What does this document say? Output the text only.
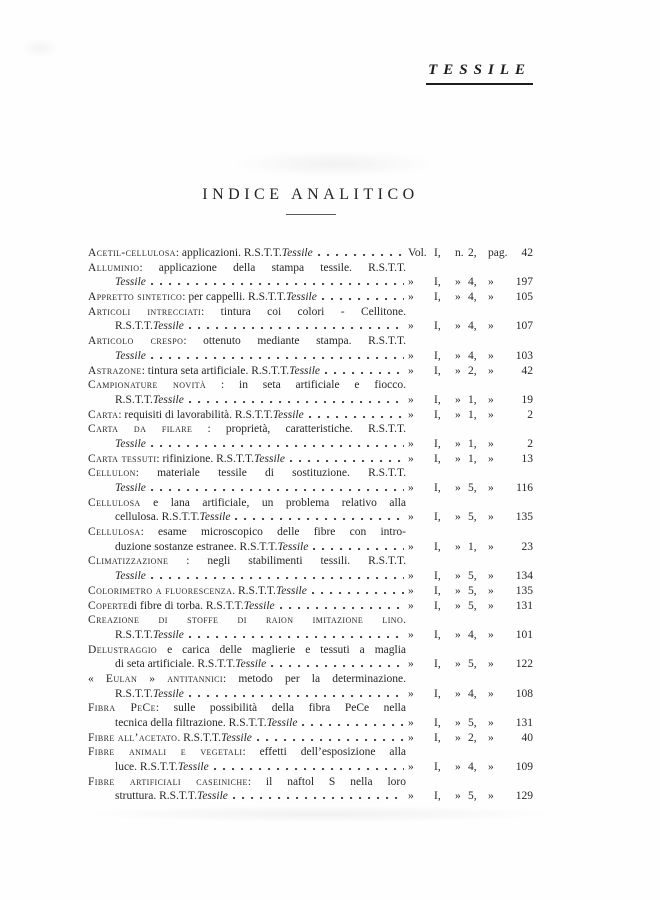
TESSILE
INDICE ANALITICO
Acetil-cellulosa : applicazioni. R.S.T.T. Tessile	Vol. I,	n. 2, pag.	42
Alluminio: applicazione della stampa tessile. R.S.T.T.
Tessile	»	I,	» 4, »	197
Appretto sintetico : per cappelli. R.S.T.T. Tessile	»	I,	» 4, »	105
Articoli intrecciati: tintura coi colori - Cellitone.
R.S.T.T. Tessile	»	I,	» 4, »	107
Articolo crespo: ottenuto mediante stampa. R.S.T.T.
Tessile	»	I,	» 4, »	103
Astrazone : tintura seta artificiale. R.S.T.T. Tessile	»	I,	» 2, »	42
Campionature novità : in seta artificiale e fiocco.
R.S.T.T. Tessile	»	I,	» 1, »	19
Carta : requisiti di lavorabilità. R.S.T.T. Tessile	»	I,	» 1, »	2
Carta da filare : proprietà, caratteristiche. R.S.T.T.
Tessile	»	I,	» 1, »	2
Carta tessuti : rifinizione. R.S.T.T. Tessile	»	I,	» 1, »	13
Cellulon: materiale tessile di sostituzione. R.S.T.T.
Tessile	»	I,	» 5, »	116
Cellulosa e lana artificiale, un problema relativo alla
cellulosa. R.S.T.T. Tessile	»	I,	» 5, »	135
Cellulosa: esame microscopico delle fibre con intro-
duzione sostanze estranee. R.S.T.T. Tessile	»	I,	» 1, »	23
Climatizzazione : negli stabilimenti tessili. R.S.T.T.
Tessile	»	I,	» 5, »	134
Colorimetro a fluorescenza . R.S.T.T. Tessile	»	I,	» 5, »	135
Coperte di fibre di torba. R.S.T.T. Tessile	»	I,	» 5, »	131
Creazione di stoffe di raion imitazione lino.
R.S.T.T. Tessile	»	I,	» 4, »	101
Delustraggio e carica delle maglierie e tessuti a maglia
di seta artificiale. R.S.T.T. Tessile	»	I,	» 5, »	122
« Eulan » antitannici: metodo per la determinazione.
R.S.T.T. Tessile	»	I,	» 4, »	108
Fibra PeCe: sulle possibilità della fibra PeCe nella
tecnica della filtrazione. R.S.T.T. Tessile	»	I,	» 5, »	131
Fibre all’acetato . R.S.T.T. Tessile	»	I,	» 2, »	40
Fibre animali e vegetali: effetti dell’esposizione alla
luce. R.S.T.T. Tessile	»	I,	» 4, »	109
Fibre artificiali caseiniche: il naftol S nella loro
struttura. R.S.T.T. Tessile	»	I,	» 5, »	129
